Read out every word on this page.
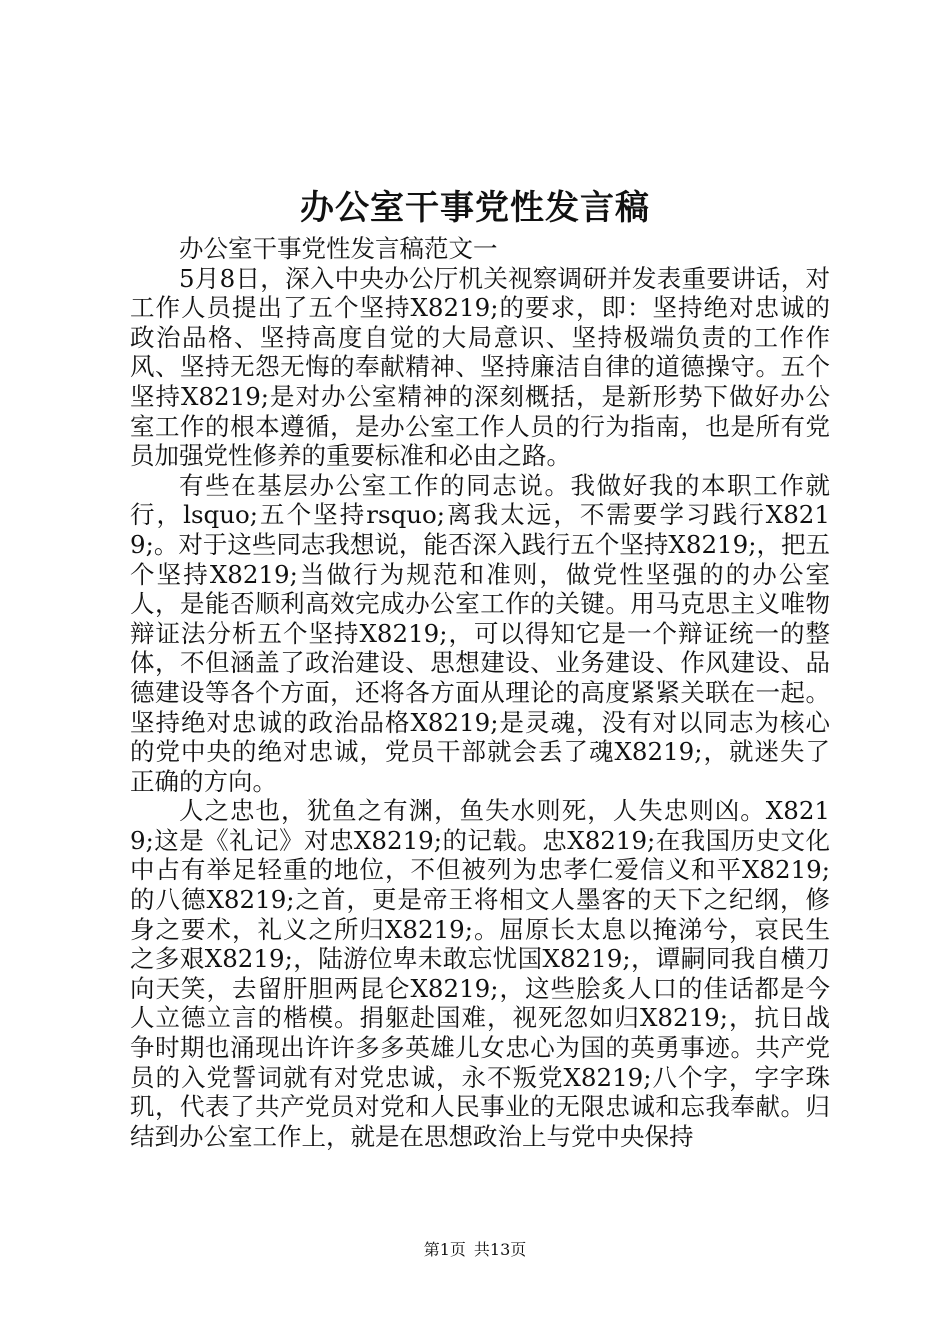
办公室干事党性发言稿

办公室干事党性发言稿范文一

5月8日，深入中央办公厅机关视察调研并发表重要讲话，对工作人员提出了五个坚持X8219;的要求，即：坚持绝对忠诚的政治品格、坚持高度自觉的大局意识、坚持极端负责的工作作风、坚持无怨无悔的奉献精神、坚持廉洁自律的道德操守。五个坚持X8219;是对办公室精神的深刻概括，是新形势下做好办公室工作的根本遵循，是办公室工作人员的行为指南，也是所有党员加强党性修养的重要标准和必由之路。

有些在基层办公室工作的同志说。我做好我的本职工作就行，lsquo;五个坚持rsquo;离我太远，不需要学习践行X8219;。对于这些同志我想说，能否深入践行五个坚持X8219;，把五个坚持X8219;当做行为规范和准则，做党性坚强的的办公室人，是能否顺利高效完成办公室工作的关键。用马克思主义唯物辩证法分析五个坚持X8219;，可以得知它是一个辩证统一的整体，不但涵盖了政治建设、思想建设、业务建设、作风建设、品德建设等各个方面，还将各方面从理论的高度紧紧关联在一起。坚持绝对忠诚的政治品格X8219;是灵魂，没有对以同志为核心的党中央的绝对忠诚，党员干部就会丢了魂X8219;，就迷失了正确的方向。

人之忠也，犹鱼之有渊，鱼失水则死，人失忠则凶。X8219;这是《礼记》对忠X8219;的记载。忠X8219;在我国历史文化中占有举足轻重的地位，不但被列为忠孝仁爱信义和平X8219;的八德X8219;之首，更是帝王将相文人墨客的天下之纪纲，修身之要术，礼义之所归X8219;。屈原长太息以掩涕兮，哀民生之多艰X8219;，陆游位卑未敢忘忧国X8219;，谭嗣同我自横刀向天笑，去留肝胆两昆仑X8219;，这些脍炙人口的佳话都是今人立德立言的楷模。捐躯赴国难，视死忽如归X8219;，抗日战争时期也涌现出许许多多英雄儿女忠心为国的英勇事迹。共产党员的入党誓词就有对党忠诚，永不叛党X8219;八个字，字字珠玑，代表了共产党员对党和人民事业的无限忠诚和忘我奉献。归结到办公室工作上，就是在思想政治上与党中央保持

第1页 共13页
